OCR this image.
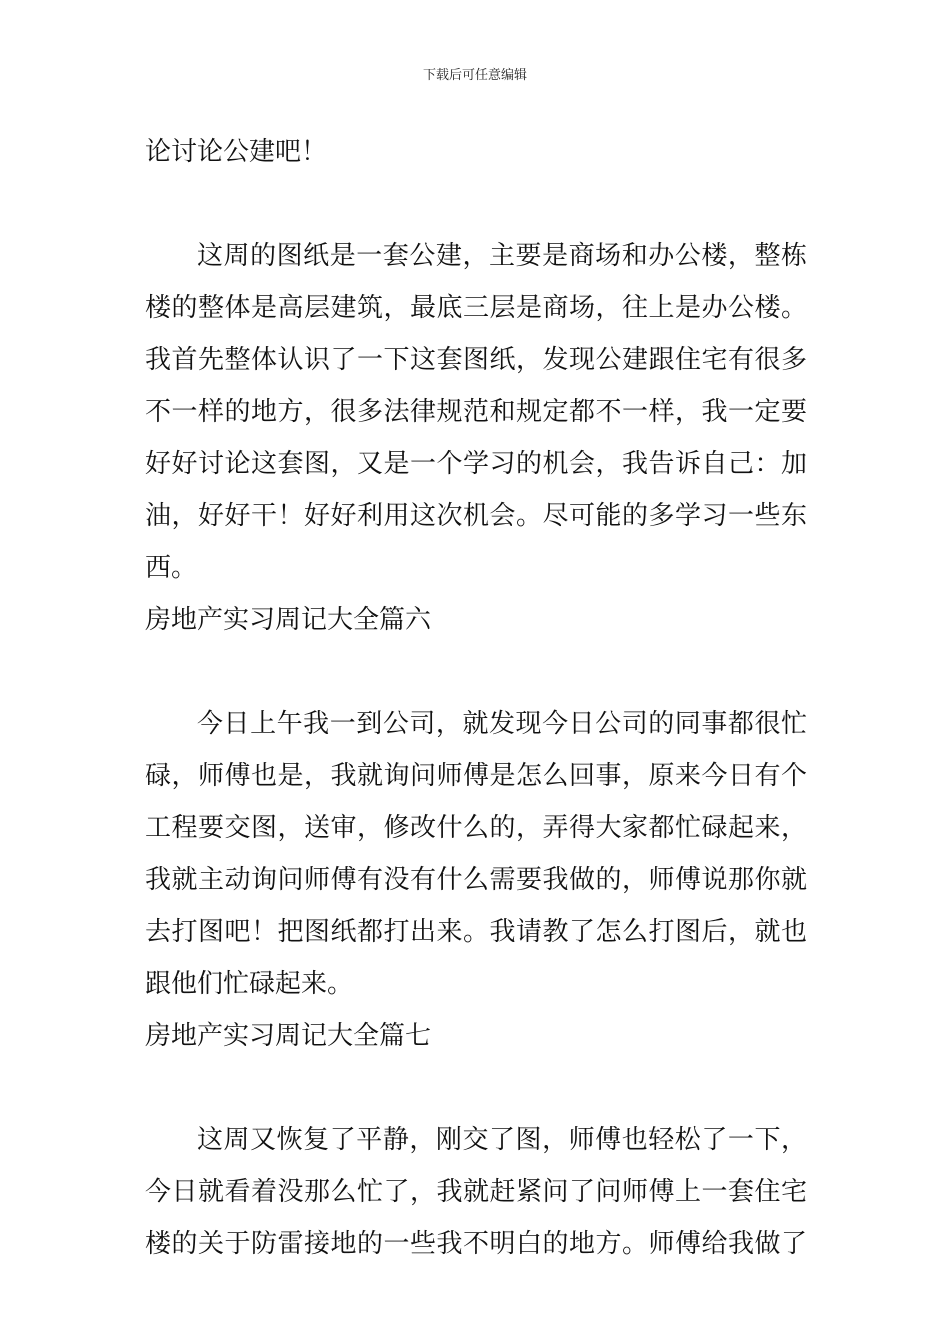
下载后可任意编辑
论讨论公建吧！
这周的图纸是一套公建，主要是商场和办公楼，整栋
楼的整体是高层建筑，最底三层是商场，往上是办公楼。
我首先整体认识了一下这套图纸，发现公建跟住宅有很多
不一样的地方，很多法律规范和规定都不一样，我一定要
好好讨论这套图，又是一个学习的机会，我告诉自己：加
油，好好干！好好利用这次机会。尽可能的多学习一些东
西。
房地产实习周记大全篇六
今日上午我一到公司，就发现今日公司的同事都很忙
碌，师傅也是，我就询问师傅是怎么回事，原来今日有个
工程要交图，送审，修改什么的，弄得大家都忙碌起来，
我就主动询问师傅有没有什么需要我做的，师傅说那你就
去打图吧！把图纸都打出来。我请教了怎么打图后，就也
跟他们忙碌起来。
房地产实习周记大全篇七
这周又恢复了平静，刚交了图，师傅也轻松了一下，
今日就看着没那么忙了，我就赶紧问了问师傅上一套住宅
楼的关于防雷接地的一些我不明白的地方。师傅给我做了
